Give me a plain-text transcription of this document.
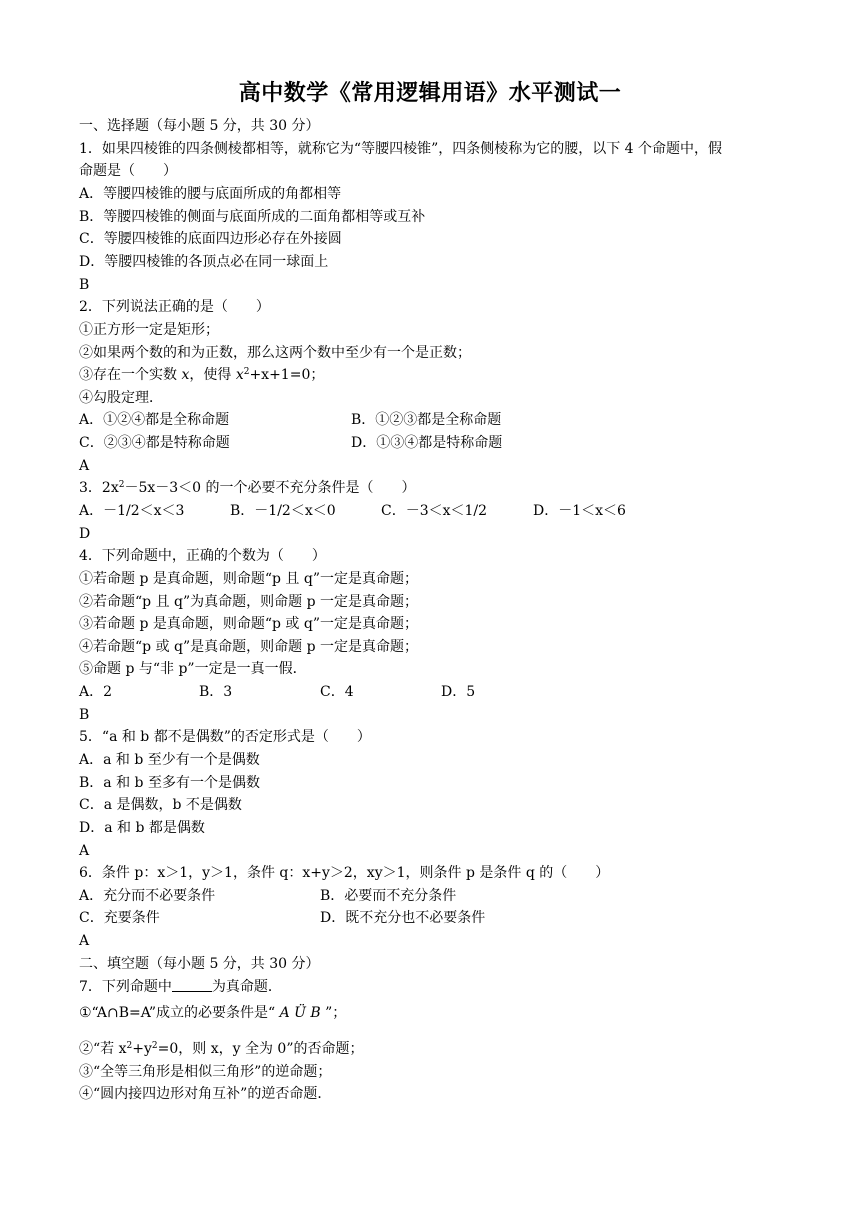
高中数学《常用逻辑用语》水平测试一
一、选择题（每小题 5 分，共 30 分）
1．如果四棱锥的四条侧棱都相等，就称它为“等腰四棱锥”，四条侧棱称为它的腰，以下 4 个命题中，假
命题是（　　）
A．等腰四棱锥的腰与底面所成的角都相等
B．等腰四棱锥的侧面与底面所成的二面角都相等或互补
C．等腰四棱锥的底面四边形必存在外接圆
D．等腰四棱锥的各顶点必在同一球面上
B
2．下列说法正确的是（　　）
①正方形一定是矩形；
②如果两个数的和为正数，那么这两个数中至少有一个是正数；
③存在一个实数 x，使得 $x^2+x+1=0$；
④勾股定理．
A．①②④都是全称命题	B．①②③都是全称命题
C．②③④都是特称命题	D．①③④都是特称命题
A
3．$2x^2-5x-3<0$ 的一个必要不充分条件是（　　）
A．－1/2＜x＜3	B．－1/2＜x＜0	C．－3＜x＜1/2	D．－1＜x＜6
D
4．下列命题中，正确的个数为（　　）
①若命题 p 是真命题，则命题“p 且 q”一定是真命题；
②若命题“p 且 q”为真命题，则命题 p 一定是真命题；
③若命题 p 是真命题，则命题“p 或 q”一定是真命题；
④若命题“p 或 q”是真命题，则命题 p 一定是真命题；
⑤命题 p 与“非 p”一定是一真一假．
A．2	B．3	C．4	D．5
B
5．“a 和 b 都不是偶数”的否定形式是（　　）
A．a 和 b 至少有一个是偶数
B．a 和 b 至多有一个是偶数
C．a 是偶数，b 不是偶数
D．a 和 b 都是偶数
A
6．条件 p：x＞1，y＞1，条件 q：x+y＞2，xy＞1，则条件 p 是条件 q 的（　　）
A．充分而不必要条件	B．必要而不充分条件
C．充要条件	D．既不充分也不必要条件
A
二、填空题（每小题 5 分，共 30 分）
7．下列命题中	为真命题．
①“A∩B=A”成立的必要条件是“ A Ü B ”；
②“若 $x^2+y^2=0$，则 x，y 全为 0”的否命题；
③“全等三角形是相似三角形”的逆命题；
④“圆内接四边形对角互补”的逆否命题．
